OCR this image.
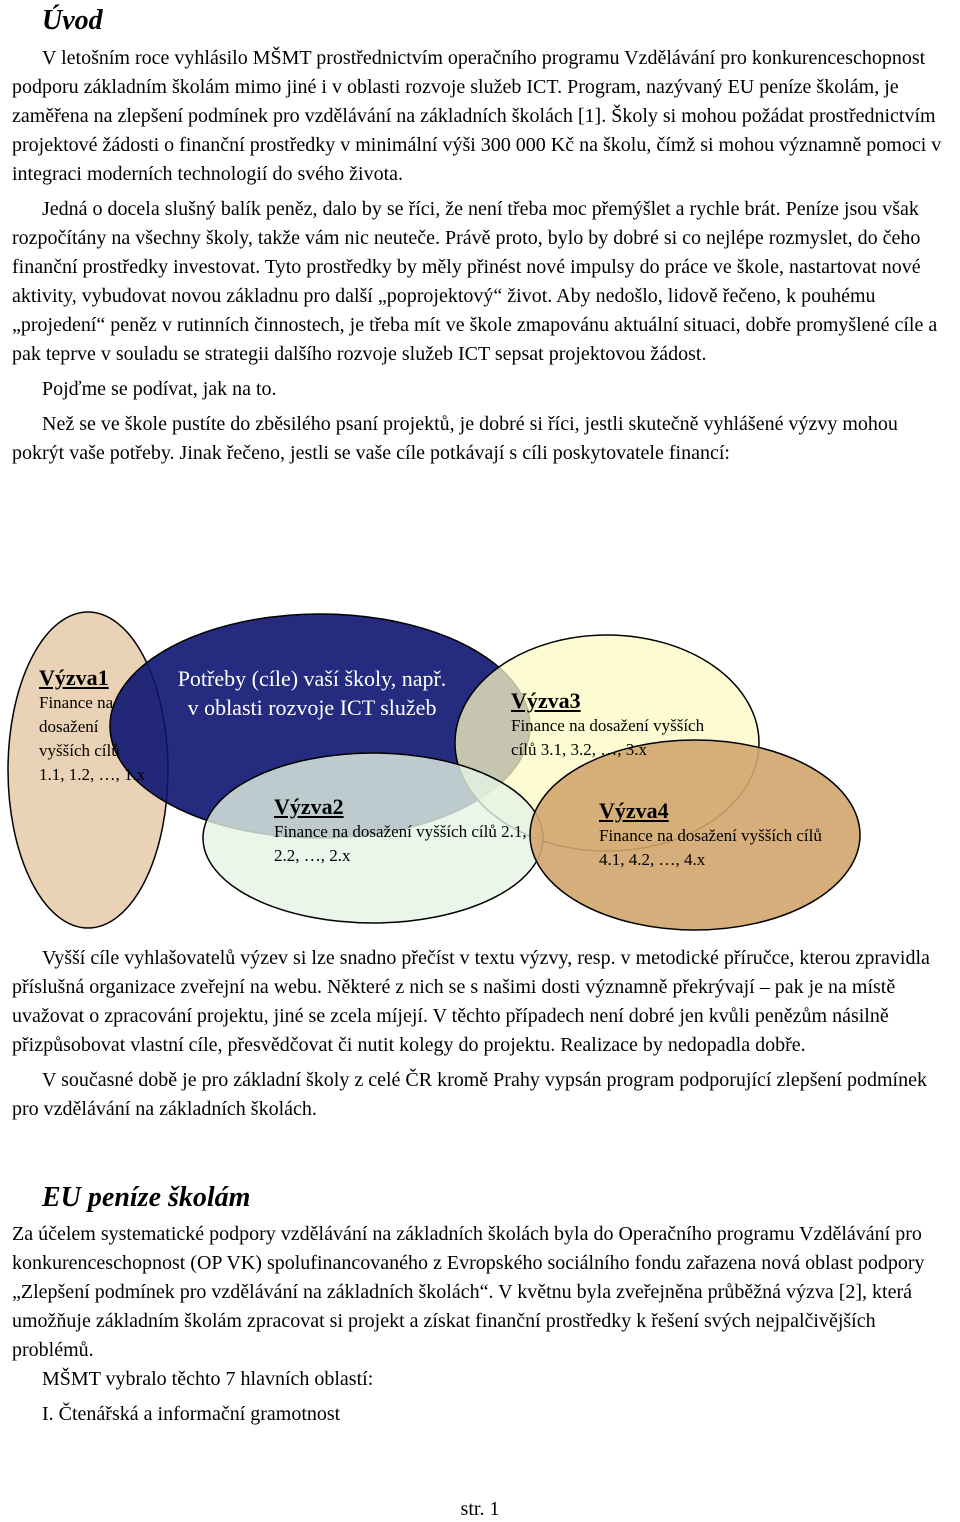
Úvod

V letošním roce vyhlásilo MŠMT prostřednictvím operačního programu Vzdělávání pro konkurenceschopnost podporu základním školám mimo jiné i v oblasti rozvoje služeb ICT. Program, nazývaný EU peníze školám, je zaměřena na zlepšení podmínek pro vzdělávání na základních školách [1]. Školy si mohou požádat prostřednictvím projektové žádosti o finanční prostředky v minimální výši 300 000 Kč na školu, čímž si mohou významně pomoci v integraci moderních technologií do svého života.

Jedná o docela slušný balík peněz, dalo by se říci, že není třeba moc přemýšlet a rychle brát. Peníze jsou však rozpočítány na všechny školy, takže vám nic neuteče. Právě proto, bylo by dobré si co nejlépe rozmyslet, do čeho finanční prostředky investovat. Tyto prostředky by měly přinést nové impulsy do práce ve škole, nastartovat nové aktivity, vybudovat novou základnu pro další „poprojektový“ život. Aby nedošlo, lidově řečeno, k pouhému „projedení“ peněz v rutinních činnostech, je třeba mít ve škole zmapovánu aktuální situaci, dobře promyšlené cíle a pak teprve v souladu se strategii dalšího rozvoje služeb ICT sepsat projektovou žádost.

Pojďme se podívat, jak na to.

Než se ve škole pustíte do zběsilého psaní projektů, je dobré si říci, jestli skutečně vyhlášené výzvy mohou pokrýt vaše potřeby. Jinak řečeno, jestli se vaše cíle potkávají s cíli poskytovatele financí:

Výzva1
Finance na dosažení vyšších cílů 1.1, 1.2, …, 1.x
Potřeby (cíle) vaší školy, např. v oblasti rozvoje ICT služeb	Výzva3
Finance na dosažení vyšších cílů 3.1, 3.2, …, 3.x
Výzva2
Finance na dosažení vyšších cílů 2.1, 2.2, …, 2.x
Výzva4
Finance na dosažení vyšších cílů 4.1, 4.2, …, 4.x

Vyšší cíle vyhlašovatelů výzev si lze snadno přečíst v textu výzvy, resp. v metodické příručce, kterou zpravidla příslušná organizace zveřejní na webu. Některé z nich se s našimi dosti významně překrývají – pak je na místě uvažovat o zpracování projektu, jiné se zcela míjejí. V těchto případech není dobré jen kvůli penězům násilně přizpůsobovat vlastní cíle, přesvědčovat či nutit kolegy do projektu. Realizace by nedopadla dobře.

V současné době je pro základní školy z celé ČR kromě Prahy vypsán program podporující zlepšení podmínek pro vzdělávání na základních školách.

EU peníze školám

Za účelem systematické podpory vzdělávání na základních školách byla do Operačního programu Vzdělávání pro konkurenceschopnost (OP VK) spolufinancovaného z Evropského sociálního fondu zařazena nová oblast podpory „Zlepšení podmínek pro vzdělávání na základních školách“. V květnu byla zveřejněna průběžná výzva [2], která umožňuje základním školám zpracovat si projekt a získat finanční prostředky k řešení svých nejpalčivějších problémů.

MŠMT vybralo těchto 7 hlavních oblastí:

I. Čtenářská a informační gramotnost

str. 1
